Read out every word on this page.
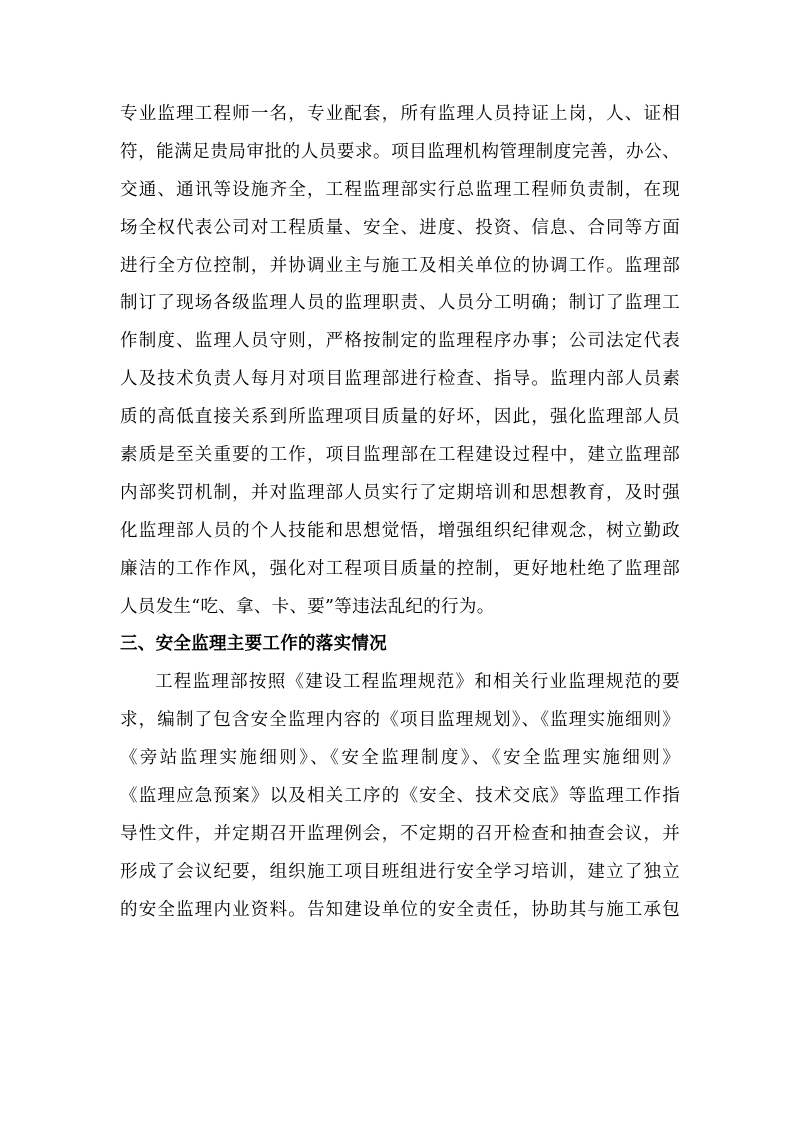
专业监理工程师一名，专业配套，所有监理人员持证上岗，人、证相
符，能满足贵局审批的人员要求。项目监理机构管理制度完善，办公、
交通、通讯等设施齐全，工程监理部实行总监理工程师负责制，在现
场全权代表公司对工程质量、安全、进度、投资、信息、合同等方面
进行全方位控制，并协调业主与施工及相关单位的协调工作。监理部
制订了现场各级监理人员的监理职责、人员分工明确；制订了监理工
作制度、监理人员守则，严格按制定的监理程序办事；公司法定代表
人及技术负责人每月对项目监理部进行检查、指导。监理内部人员素
质的高低直接关系到所监理项目质量的好坏，因此，强化监理部人员
素质是至关重要的工作，项目监理部在工程建设过程中，建立监理部
内部奖罚机制，并对监理部人员实行了定期培训和思想教育，及时强
化监理部人员的个人技能和思想觉悟，增强组织纪律观念，树立勤政
廉洁的工作作风，强化对工程项目质量的控制，更好地杜绝了监理部
人员发生“吃、拿、卡、要”等违法乱纪的行为。
三、安全监理主要工作的落实情况
工程监理部按照《建设工程监理规范》和相关行业监理规范的要
求，编制了包含安全监理内容的《项目监理规划》、《监理实施细则》
《旁站监理实施细则》、《安全监理制度》、《安全监理实施细则》
《监理应急预案》以及相关工序的《安全、技术交底》等监理工作指
导性文件，并定期召开监理例会，不定期的召开检查和抽查会议，并
形成了会议纪要，组织施工项目班组进行安全学习培训，建立了独立
的安全监理内业资料。告知建设单位的安全责任，协助其与施工承包
